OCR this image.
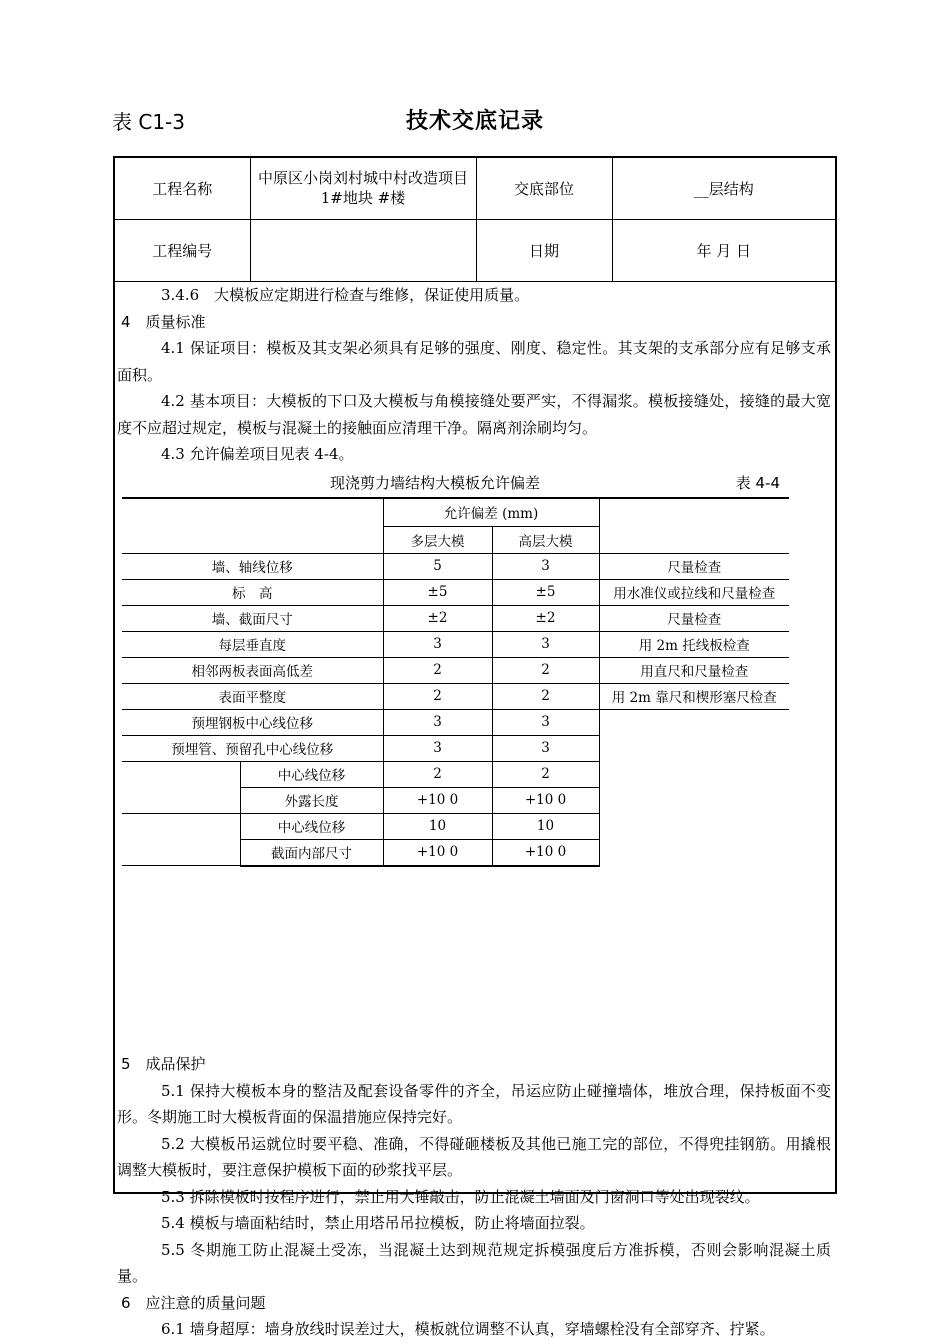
表 C1-3	技术交底记录
工程名称	中原区小岗刘村城中村改造项目 1#地块 #楼	交底部位	__层结构
工程编号		日期	年 月 日

3.4.6　大模板应定期进行检查与维修，保证使用质量。

4　质量标准

4.1 保证项目：模板及其支架必须具有足够的强度、刚度、稳定性。其支架的支承部分应有足够支承面积。

4.2 基本项目：大模板的下口及大模板与角模接缝处要严实，不得漏浆。模板接缝处，接缝的最大宽度不应超过规定，模板与混凝土的接触面应清理干净。隔离剂涂刷均匀。

4.3 允许偏差项目见表 4-4。

5　成品保护

5.1 保持大模板本身的整洁及配套设备零件的齐全，吊运应防止碰撞墙体，堆放合理，保持板面不变形。冬期施工时大模板背面的保温措施应保持完好。

5.2 大模板吊运就位时要平稳、准确，不得碰砸楼板及其他已施工完的部位，不得兜挂钢筋。用撬根调整大模板时，要注意保护模板下面的砂浆找平层。

5.3 拆除模板时按程序进行，禁止用大锤敲击，防止混凝土墙面及门窗洞口等处出现裂纹。

5.4 模板与墙面粘结时，禁止用塔吊吊拉模板，防止将墙面拉裂。

5.5 冬期施工防止混凝土受冻，当混凝土达到规范规定拆模强度后方准拆模，否则会影响混凝土质量。

6　应注意的质量问题

6.1 墙身超厚：墙身放线时误差过大，模板就位调整不认真，穿墙螺栓没有全部穿齐、拧紧。

现浇剪力墙结构大模板允许偏差	表 4-4
		允许偏差 (mm)		
		多层大模	高层大模	
墙、轴线位移		5	3	尺量检查
标　高		±5	±5	用水准仪或拉线和尺量检查
墙、截面尺寸		±2	±2	尺量检查
每层垂直度		3	3	用 2m 托线板检查
相邻两板表面高低差		2	2	用直尺和尺量检查
表面平整度		2	2	用 2m 靠尺和楔形塞尺检查
预埋钢板中心线位移		3	3	
预埋管、预留孔中心线位移		3	3	
	中心线位移	2	2	
	外露长度	+10 0	+10 0	
	中心线位移	10	10	
	截面内部尺寸	+10 0	+10 0	
